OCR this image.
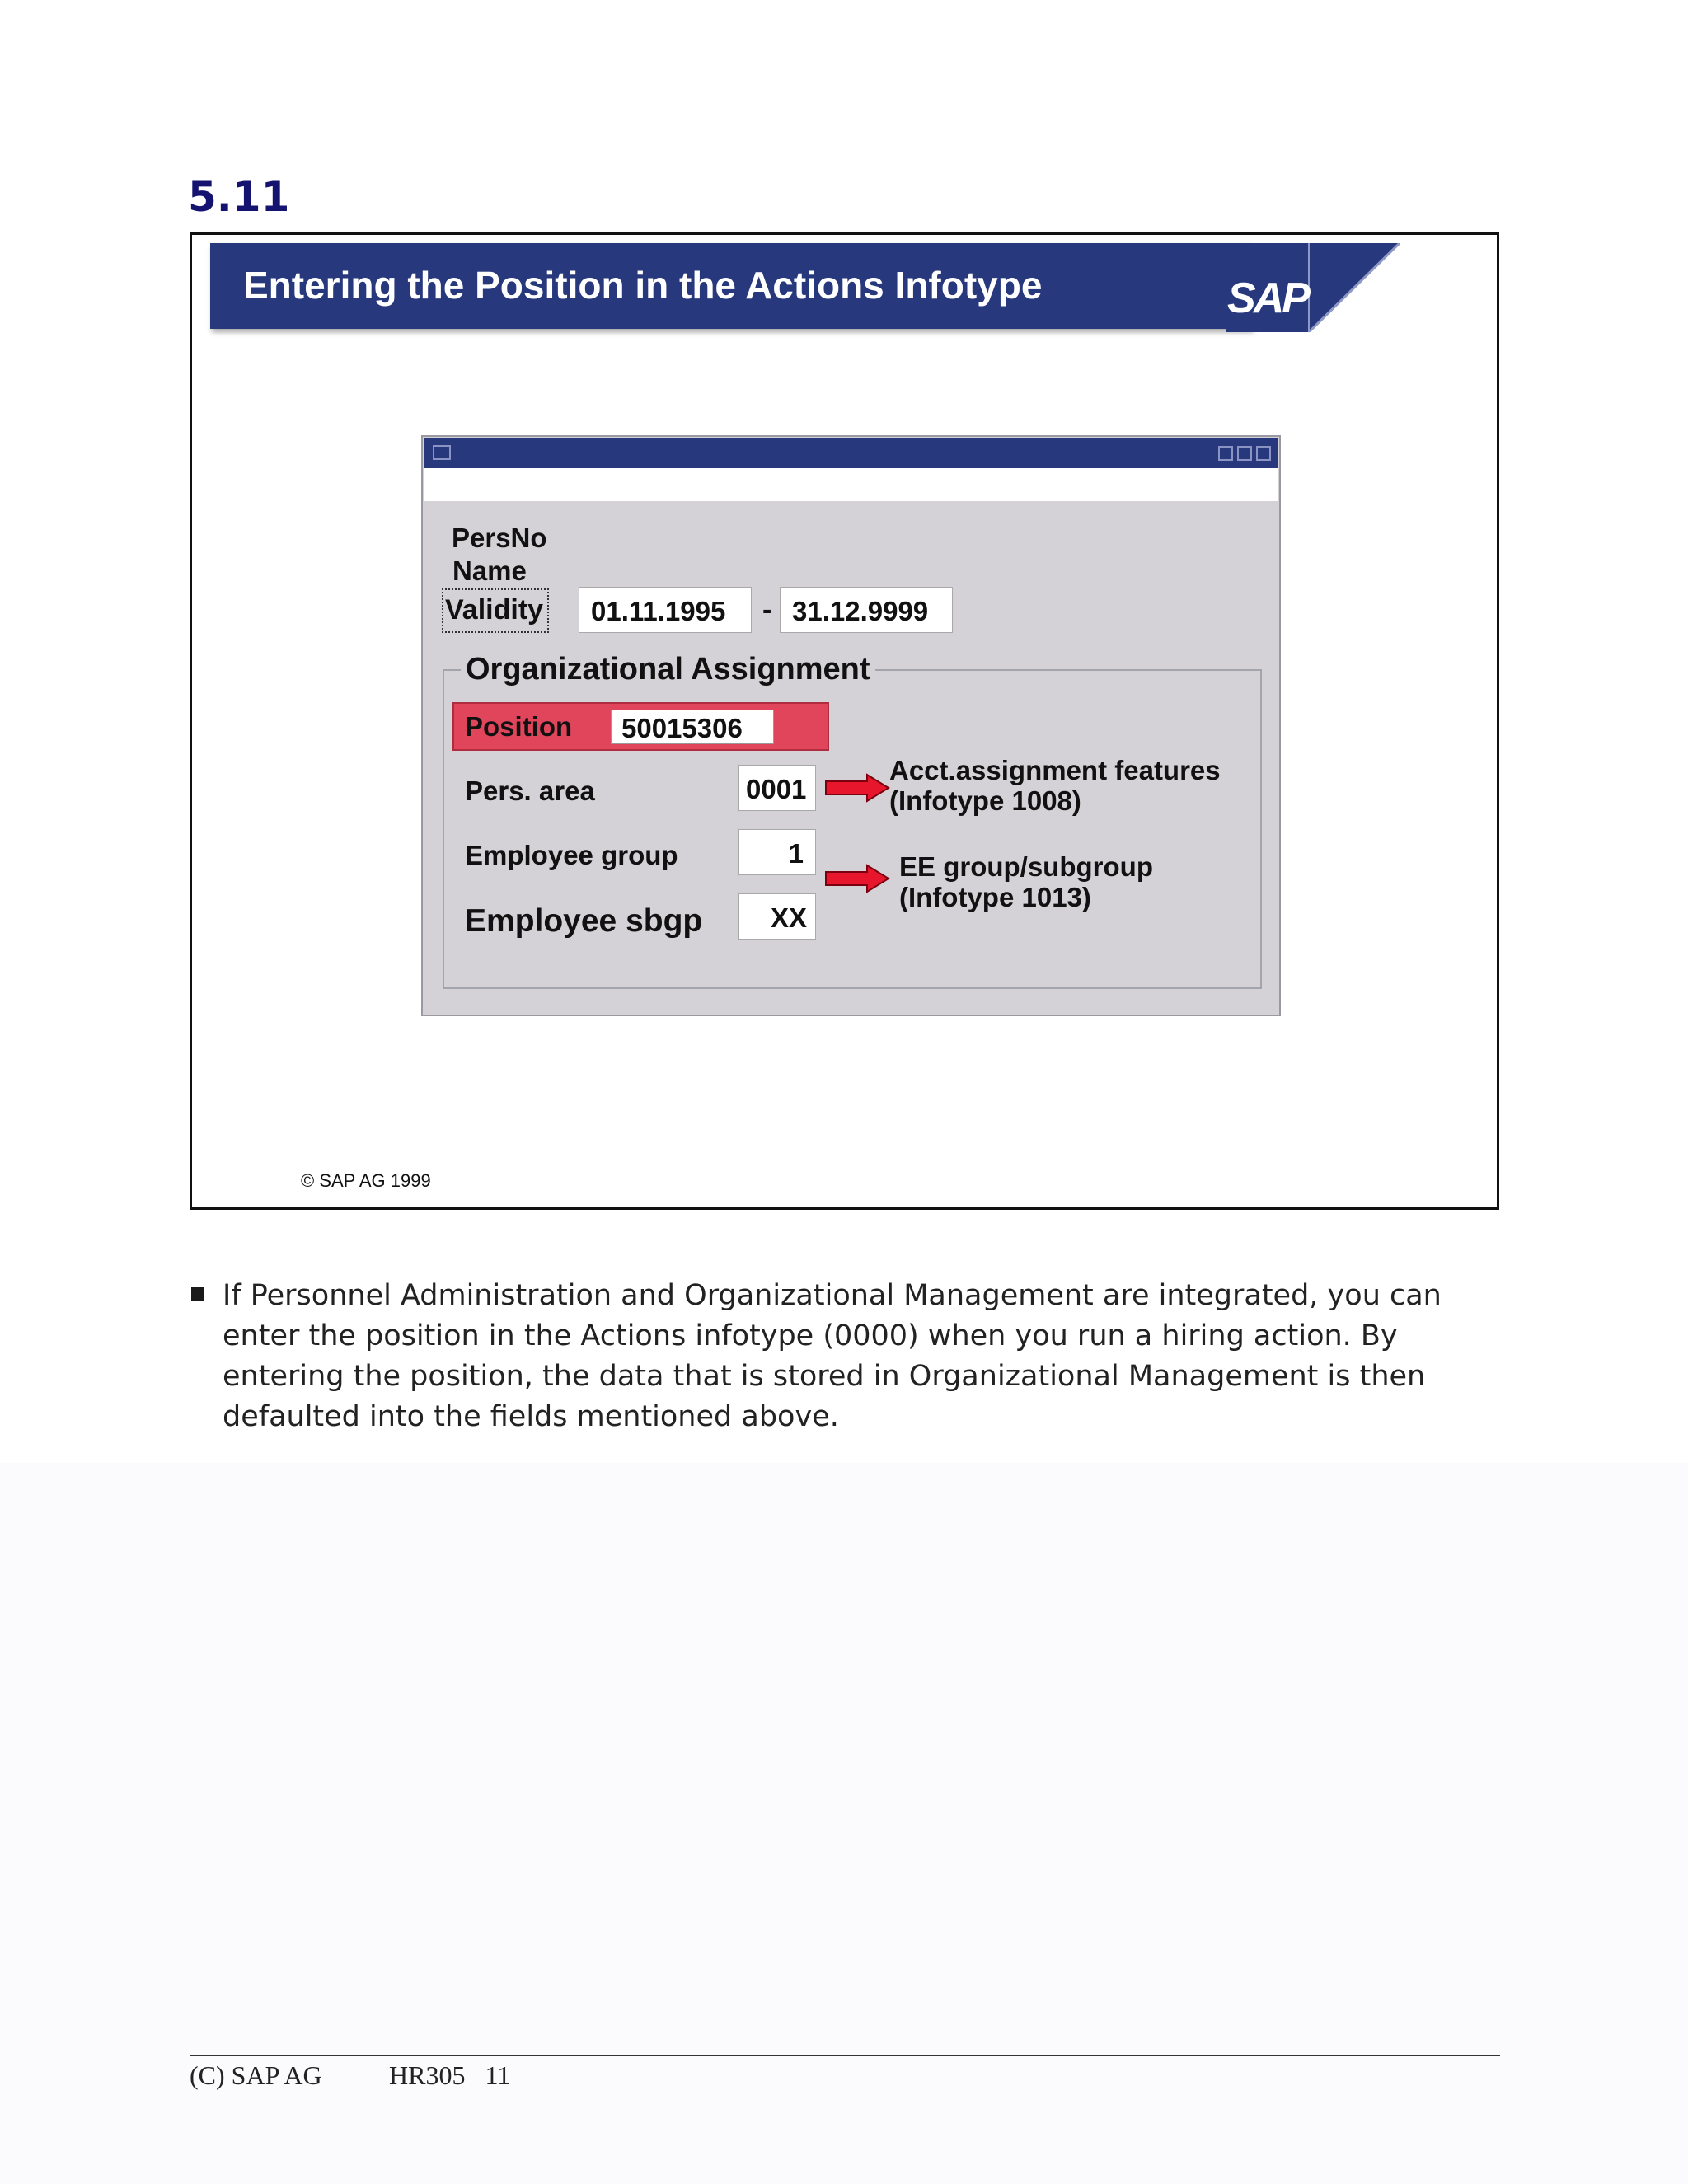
5.11
Entering the Position in the Actions Infotype	SAP
PersNo
Name
Validity	01.11.1995	- 31.12.9999
Organizational Assignment
Position	50015306
Pers. area	0001
Employee group	1
Employee sbgp	XX
Acct.assignment features
(Infotype 1008)
EE group/subgroup
(Infotype 1013)
© SAP AG 1999
If Personnel Administration and Organizational Management are integrated, you can enter the position in the Actions infotype (0000) when you run a hiring action. By entering the position, the data that is stored in Organizational Management is then defaulted into the fields mentioned above.
(C) SAP AG	HR305   11
